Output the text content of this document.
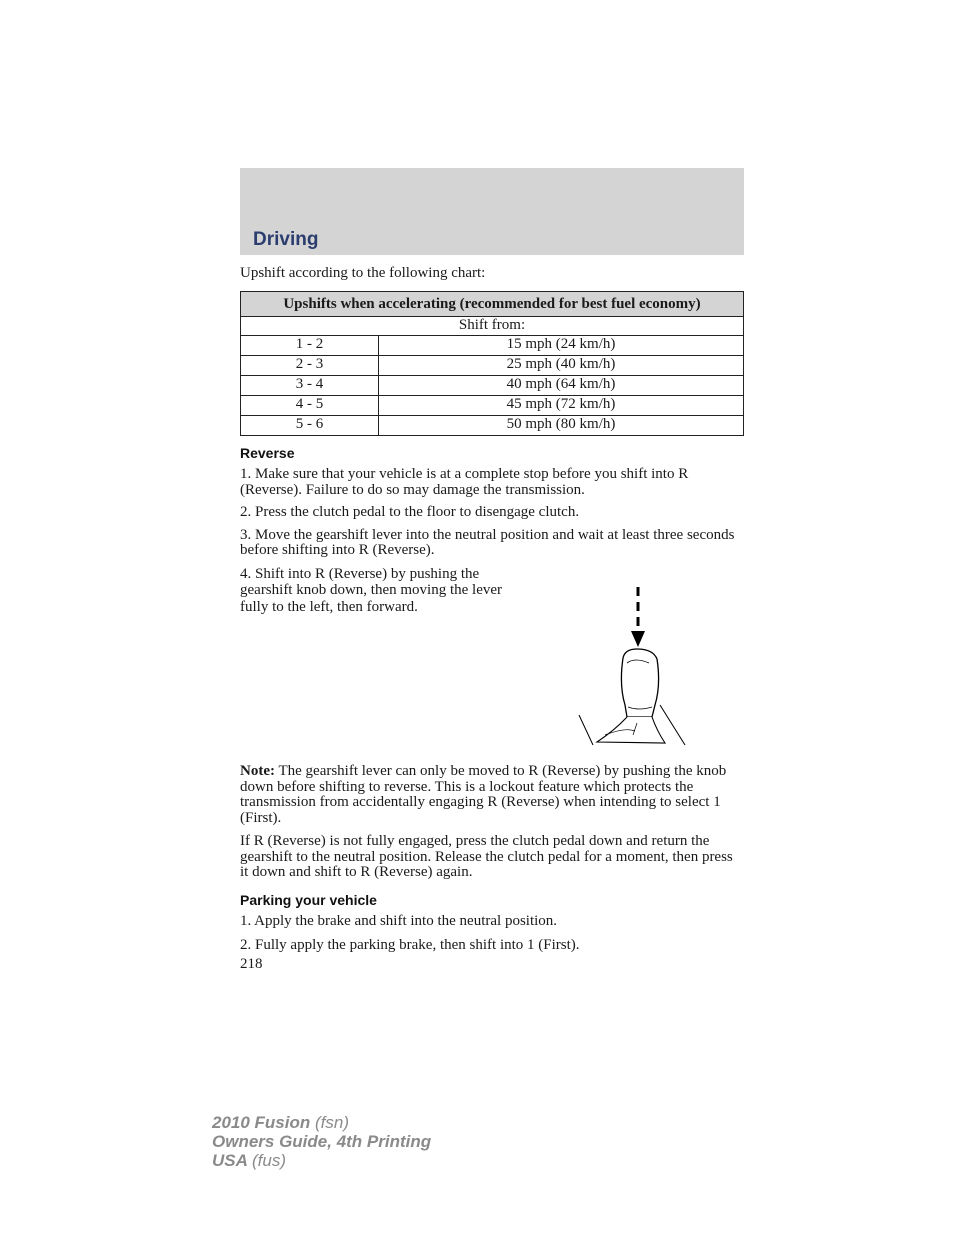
Driving

Upshift according to the following chart:

Upshifts when accelerating (recommended for best fuel economy)	
Shift from:	
1 - 2	15 mph (24 km/h)
2 - 3	25 mph (40 km/h)
3 - 4	40 mph (64 km/h)
4 - 5	45 mph (72 km/h)
5 - 6	50 mph (80 km/h)
Reverse

1. Make sure that your vehicle is at a complete stop before you shift into R (Reverse). Failure to do so may damage the transmission.

2. Press the clutch pedal to the floor to disengage clutch.

3. Move the gearshift lever into the neutral position and wait at least three seconds before shifting into R (Reverse).

4. Shift into R (Reverse) by pushing the gearshift knob down, then moving the lever fully to the left, then forward.

Note: The gearshift lever can only be moved to R (Reverse) by pushing the knob down before shifting to reverse. This is a lockout feature which protects the transmission from accidentally engaging R (Reverse) when intending to select 1 (First).

If R (Reverse) is not fully engaged, press the clutch pedal down and return the gearshift to the neutral position. Release the clutch pedal for a moment, then press it down and shift to R (Reverse) again.

Parking your vehicle

1. Apply the brake and shift into the neutral position.

2. Fully apply the parking brake, then shift into 1 (First).

218
2010 Fusion (fsn)
Owners Guide, 4th Printing
USA (fus)
